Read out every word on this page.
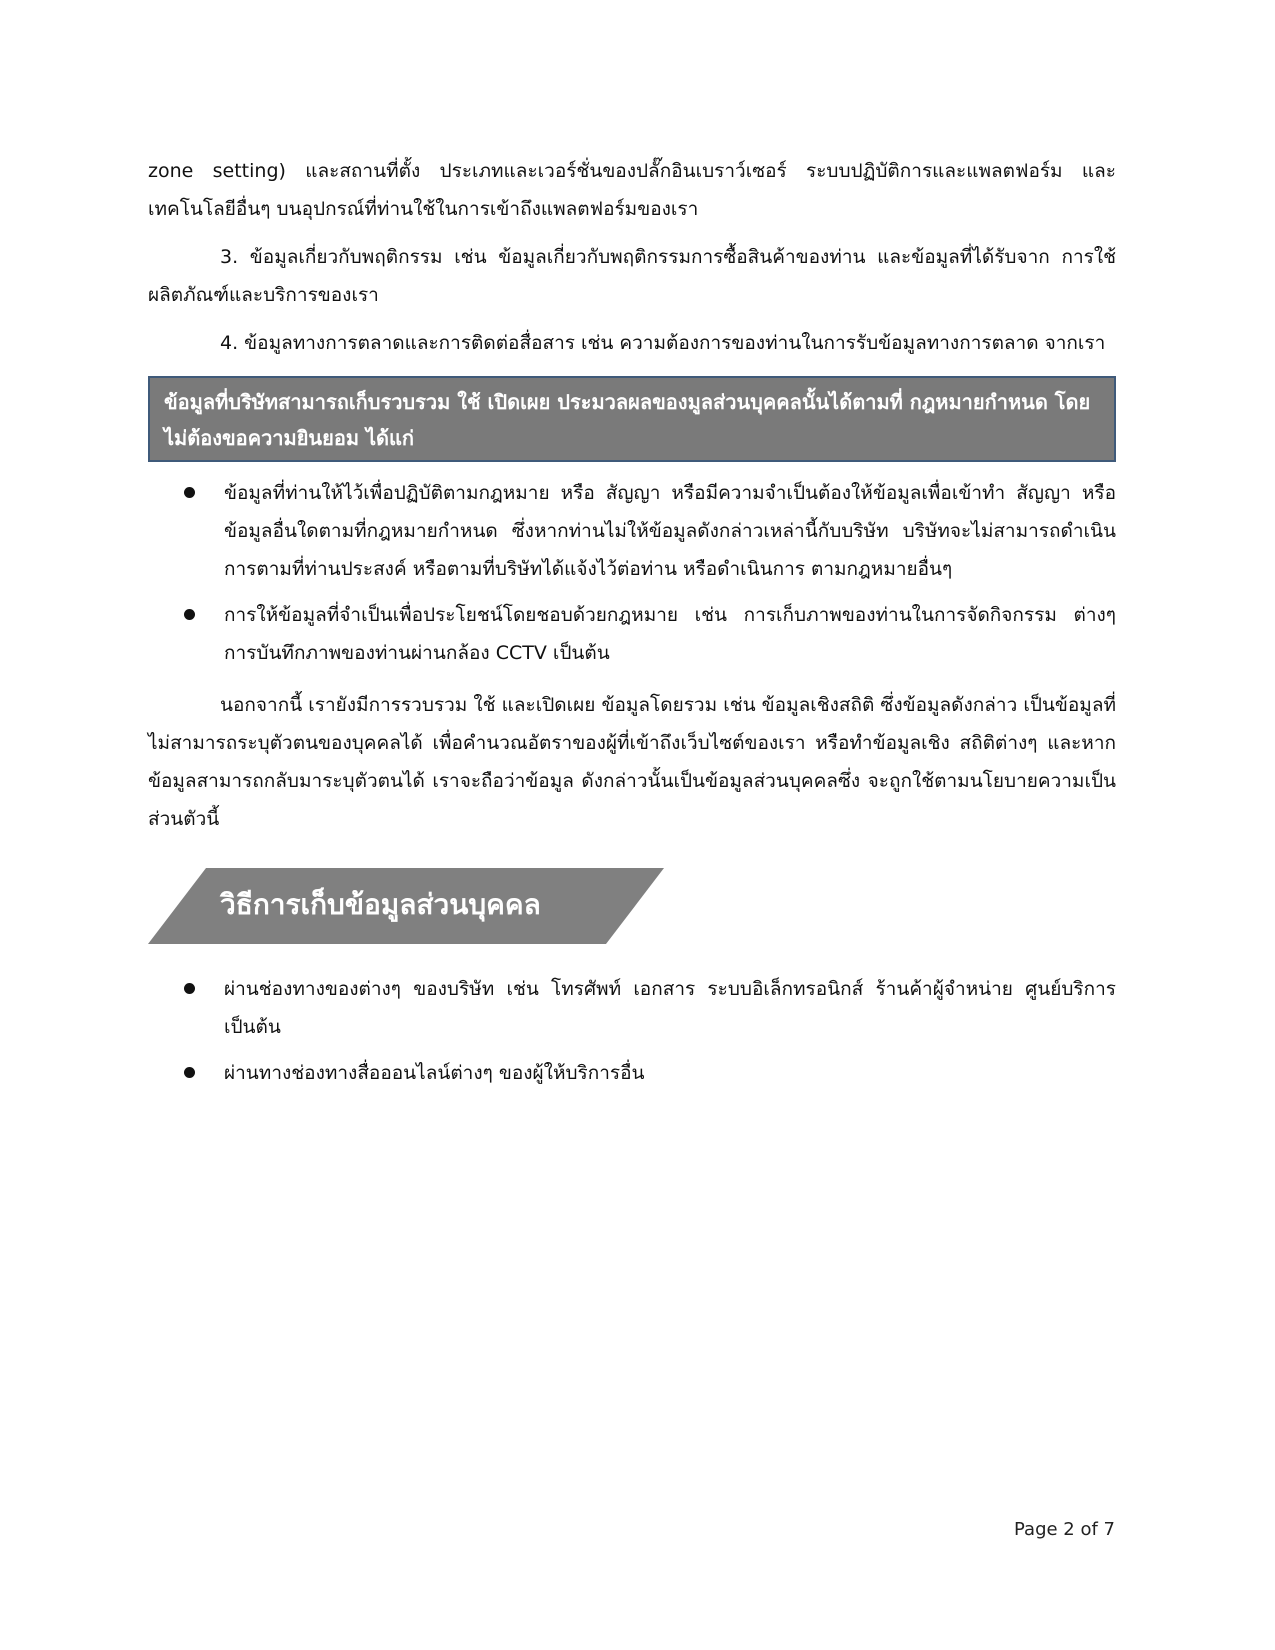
zone setting) และสถานที่ตั้ง ประเภทและเวอร์ชั่นของปลั๊กอินเบราว์เซอร์ ระบบปฏิบัติการและแพลตฟอร์ม และเทคโนโลยีอื่นๆ บนอุปกรณ์ที่ท่านใช้ในการเข้าถึงแพลตฟอร์มของเรา

3. ข้อมูลเกี่ยวกับพฤติกรรม เช่น ข้อมูลเกี่ยวกับพฤติกรรมการซื้อสินค้าของท่าน และข้อมูลที่ได้รับจาก การใช้ผลิตภัณฑ์และบริการของเรา

4. ข้อมูลทางการตลาดและการติดต่อสื่อสาร เช่น ความต้องการของท่านในการรับข้อมูลทางการตลาด จากเรา

ข้อมูลที่บริษัทสามารถเก็บรวบรวม ใช้ เปิดเผย ประมวลผลของมูลส่วนบุคคลนั้นได้ตามที่ กฎหมายกำหนด โดยไม่ต้องขอความยินยอม ได้แก่
ข้อมูลที่ท่านให้ไว้เพื่อปฏิบัติตามกฎหมาย หรือ สัญญา หรือมีความจำเป็นต้องให้ข้อมูลเพื่อเข้าทำ สัญญา หรือข้อมูลอื่นใดตามที่กฎหมายกำหนด ซึ่งหากท่านไม่ให้ข้อมูลดังกล่าวเหล่านี้กับบริษัท บริษัทจะไม่สามารถดำเนินการตามที่ท่านประสงค์ หรือตามที่บริษัทได้แจ้งไว้ต่อท่าน หรือดำเนินการ ตามกฎหมายอื่นๆ
การให้ข้อมูลที่จำเป็นเพื่อประโยชน์โดยชอบด้วยกฎหมาย เช่น การเก็บภาพของท่านในการจัดกิจกรรม ต่างๆ การบันทึกภาพของท่านผ่านกล้อง CCTV เป็นต้น

นอกจากนี้ เรายังมีการรวบรวม ใช้ และเปิดเผย ข้อมูลโดยรวม เช่น ข้อมูลเชิงสถิติ ซึ่งข้อมูลดังกล่าว เป็นข้อมูลที่ไม่สามารถระบุตัวตนของบุคคลได้ เพื่อคำนวณอัตราของผู้ที่เข้าถึงเว็บไซต์ของเรา หรือทำข้อมูลเชิง สถิติต่างๆ และหากข้อมูลสามารถกลับมาระบุตัวตนได้ เราจะถือว่าข้อมูล ดังกล่าวนั้นเป็นข้อมูลส่วนบุคคลซึ่ง จะถูกใช้ตามนโยบายความเป็นส่วนตัวนี้

วิธีการเก็บข้อมูลส่วนบุคคล
ผ่านช่องทางของต่างๆ ของบริษัท เช่น โทรศัพท์ เอกสาร ระบบอิเล็กทรอนิกส์ ร้านค้าผู้จำหน่าย ศูนย์บริการ เป็นต้น
ผ่านทางช่องทางสื่อออนไลน์ต่างๆ ของผู้ให้บริการอื่น
Page 2 of 7
